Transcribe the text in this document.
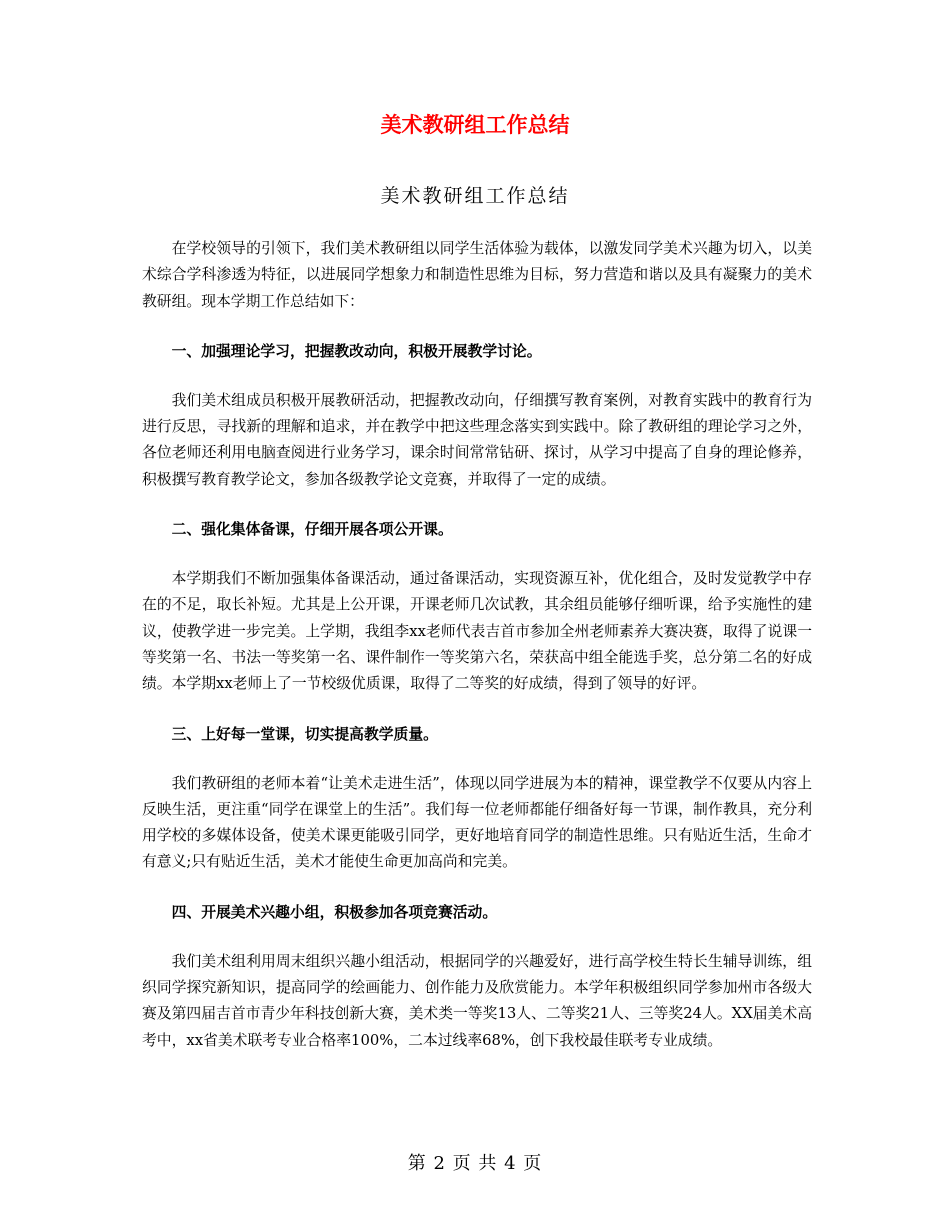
美术教研组工作总结
美术教研组工作总结

在学校领导的引领下，我们美术教研组以同学生活体验为载体，以激发同学美术兴趣为切入，以美术综合学科渗透为特征，以进展同学想象力和制造性思维为目标，努力营造和谐以及具有凝聚力的美术教研组。现本学期工作总结如下：

一、加强理论学习，把握教改动向，积极开展教学讨论。

我们美术组成员积极开展教研活动，把握教改动向，仔细撰写教育案例，对教育实践中的教育行为进行反思，寻找新的理解和追求，并在教学中把这些理念落实到实践中。除了教研组的理论学习之外，各位老师还利用电脑查阅进行业务学习，课余时间常常钻研、探讨，从学习中提高了自身的理论修养，积极撰写教育教学论文，参加各级教学论文竞赛，并取得了一定的成绩。

二、强化集体备课，仔细开展各项公开课。

本学期我们不断加强集体备课活动，通过备课活动，实现资源互补，优化组合，及时发觉教学中存在的不足，取长补短。尤其是上公开课，开课老师几次试教，其余组员能够仔细听课，给予实施性的建议，使教学进一步完美。上学期，我组李xx老师代表吉首市参加全州老师素养大赛决赛，取得了说课一等奖第一名、书法一等奖第一名、课件制作一等奖第六名，荣获高中组全能选手奖，总分第二名的好成绩。本学期xx老师上了一节校级优质课，取得了二等奖的好成绩，得到了领导的好评。

三、上好每一堂课，切实提高教学质量。

我们教研组的老师本着“让美术走进生活”，体现以同学进展为本的精神，课堂教学不仅要从内容上反映生活，更注重“同学在课堂上的生活”。我们每一位老师都能仔细备好每一节课，制作教具，充分利用学校的多媒体设备，使美术课更能吸引同学，更好地培育同学的制造性思维。只有贴近生活，生命才有意义;只有贴近生活，美术才能使生命更加高尚和完美。

四、开展美术兴趣小组，积极参加各项竞赛活动。

我们美术组利用周末组织兴趣小组活动，根据同学的兴趣爱好，进行高学校生特长生辅导训练，组织同学探究新知识，提高同学的绘画能力、创作能力及欣赏能力。本学年积极组织同学参加州市各级大赛及第四届吉首市青少年科技创新大赛，美术类一等奖13人、二等奖21人、三等奖24人。XX届美术高考中，xx省美术联考专业合格率100%，二本过线率68%，创下我校最佳联考专业成绩。

第 2 页 共 4 页
